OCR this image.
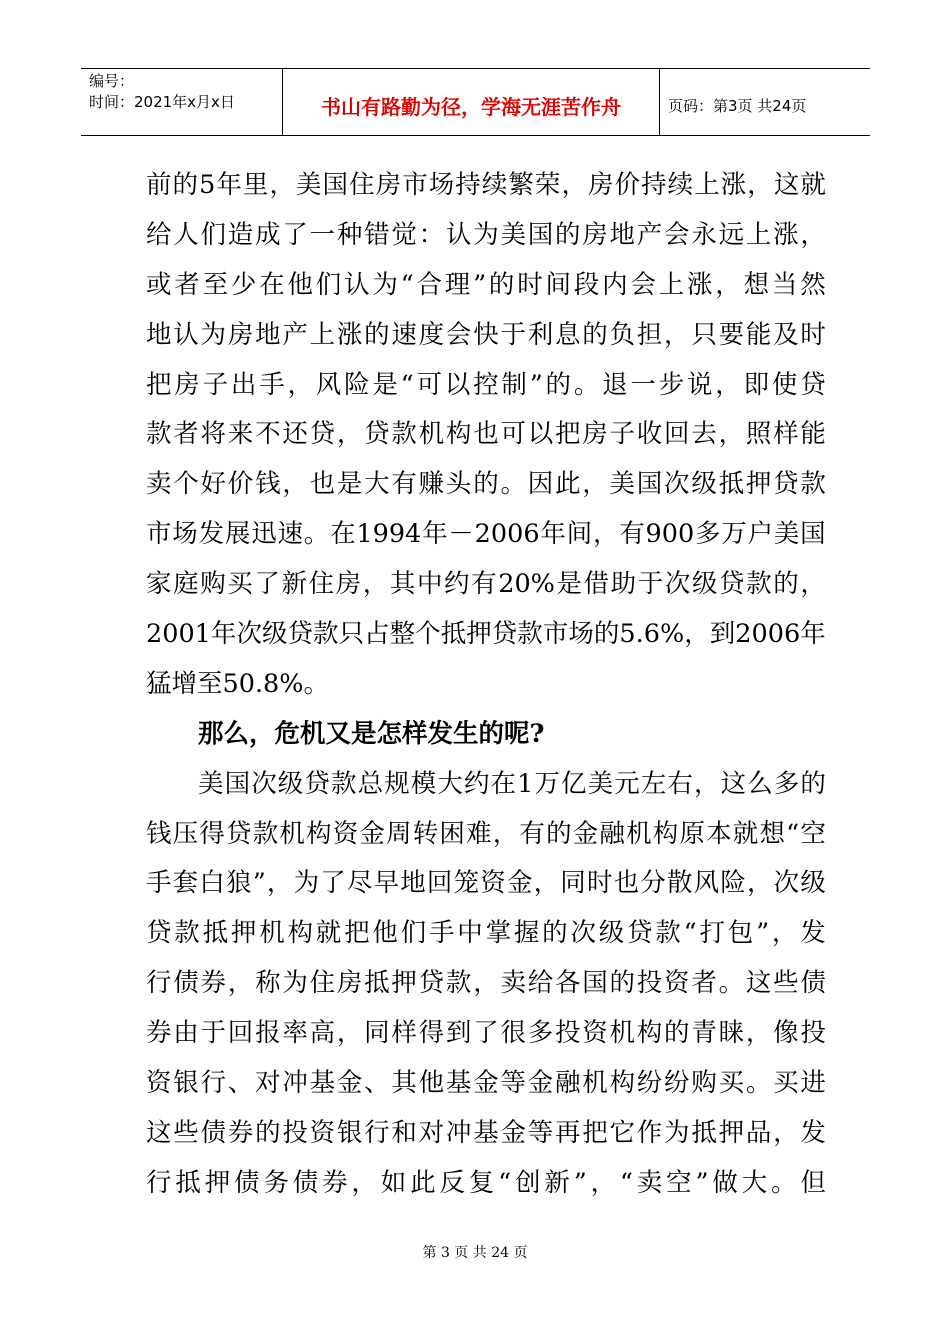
编号：
时间：2021年x月x日	书山有路勤为径，学海无涯苦作舟	页码：第3页 共24页
前 的 5 年 里 ， 美 国 住 房 市 场 持 续 繁 荣 ， 房 价 持 续 上 涨 ， 这 就
给 人 们 造 成 了 一 种 错 觉 ： 认 为 美 国 的 房 地 产 会 永 远 上 涨 ，
或 者 至 少 在 他 们 认 为 “ 合 理 ” 的 时 间 段 内 会 上 涨 ， 想 当 然
地 认 为 房 地 产 上 涨 的 速 度 会 快 于 利 息 的 负 担 ， 只 要 能 及 时
把 房 子 出 手 ， 风 险 是 “ 可 以 控 制 ” 的 。 退 一 步 说 ， 即 使 贷
款 者 将 来 不 还 贷 ， 贷 款 机 构 也 可 以 把 房 子 收 回 去 ， 照 样 能
卖 个 好 价 钱 ， 也 是 大 有 赚 头 的 。 因 此 ， 美 国 次 级 抵 押 贷 款
市 场 发 展 迅 速 。 在 1994 年 － 2006 年 间 ， 有 900 多 万 户 美 国
家 庭 购 买 了 新 住 房 ， 其 中 约 有 20% 是 借 助 于 次 级 贷 款 的 ，
2001 年 次 级 贷 款 只 占 整 个 抵 押 贷 款 市 场 的 5.6% ， 到 2006 年
猛增至50.8%。
那么，危机又是怎样发生的呢?
美 国 次 级 贷 款 总 规 模 大 约 在 1 万 亿 美 元 左 右 ， 这 么 多 的
钱 压 得 贷 款 机 构 资 金 周 转 困 难 ， 有 的 金 融 机 构 原 本 就 想 “ 空
手 套 白 狼 ” ， 为 了 尽 早 地 回 笼 资 金 ， 同 时 也 分 散 风 险 ， 次 级
贷 款 抵 押 机 构 就 把 他 们 手 中 掌 握 的 次 级 贷 款 “ 打 包 ” ， 发
行 债 券 ， 称 为 住 房 抵 押 贷 款 ， 卖 给 各 国 的 投 资 者 。 这 些 债
券 由 于 回 报 率 高 ， 同 样 得 到 了 很 多 投 资 机 构 的 青 睐 ， 像 投
资 银 行 、 对 冲 基 金 、 其 他 基 金 等 金 融 机 构 纷 纷 购 买 。 买 进
这 些 债 券 的 投 资 银 行 和 对 冲 基 金 等 再 把 它 作 为 抵 押 品 ， 发
行 抵 押 债 务 债 券 ， 如 此 反 复 “ 创 新 ” ， “ 卖 空 ” 做 大 。 但
第 3 页 共 24 页
